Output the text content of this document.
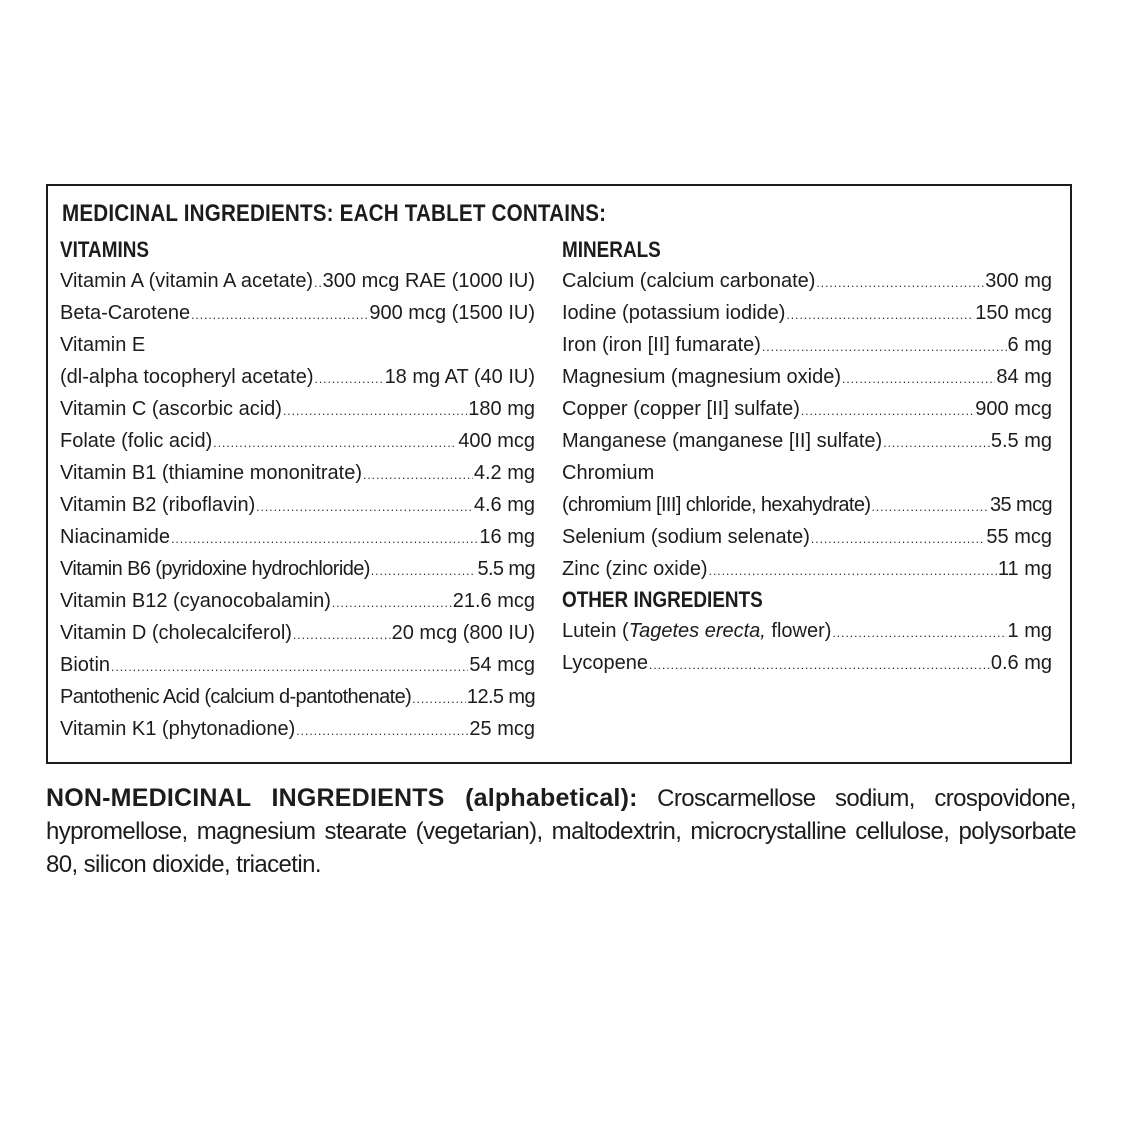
MEDICINAL INGREDIENTS: EACH TABLET CONTAINS:
VITAMINS
Vitamin A (vitamin A acetate) ..... 300 mcg RAE (1000 IU)
Beta-Carotene .....	900 mcg (1500 IU)
Vitamin E
(dl-alpha tocopheryl acetate) .....	18 mg AT (40 IU)
Vitamin C (ascorbic acid) .....	180 mg
Folate (folic acid) .....	400 mcg
Vitamin B1 (thiamine mononitrate) .....	4.2 mg
Vitamin B2 (riboflavin) .....	4.6 mg
Niacinamide .....	16 mg
Vitamin B6 (pyridoxine hydrochloride) .....	5.5 mg
Vitamin B12 (cyanocobalamin) .....	21.6 mcg
Vitamin D (cholecalciferol) .....	20 mcg (800 IU)
Biotin .....	54 mcg
Pantothenic Acid (calcium d-pantothenate) .....	12.5 mg
Vitamin K1 (phytonadione) .....	25 mcg
MINERALS
Calcium (calcium carbonate) .....	300 mg
Iodine (potassium iodide) .....	150 mcg
Iron (iron [II] fumarate) .....	6 mg
Magnesium (magnesium oxide) .....	84 mg
Copper (copper [II] sulfate) .....	900 mcg
Manganese (manganese [II] sulfate) .....	5.5 mg
Chromium
(chromium [III] chloride, hexahydrate) .....	35 mcg
Selenium (sodium selenate) .....	55 mcg
Zinc (zinc oxide) .....	11 mg
OTHER INGREDIENTS
Lutein (Tagetes erecta, flower) .....	1 mg
Lycopene .....	0.6 mg
NON-MEDICINAL INGREDIENTS (alphabetical): Croscarmellose sodium, crospovidone, hypromellose, magnesium stearate (vegetarian), maltodextrin, microcrystalline cellulose, polysorbate 80, silicon dioxide, triacetin.
